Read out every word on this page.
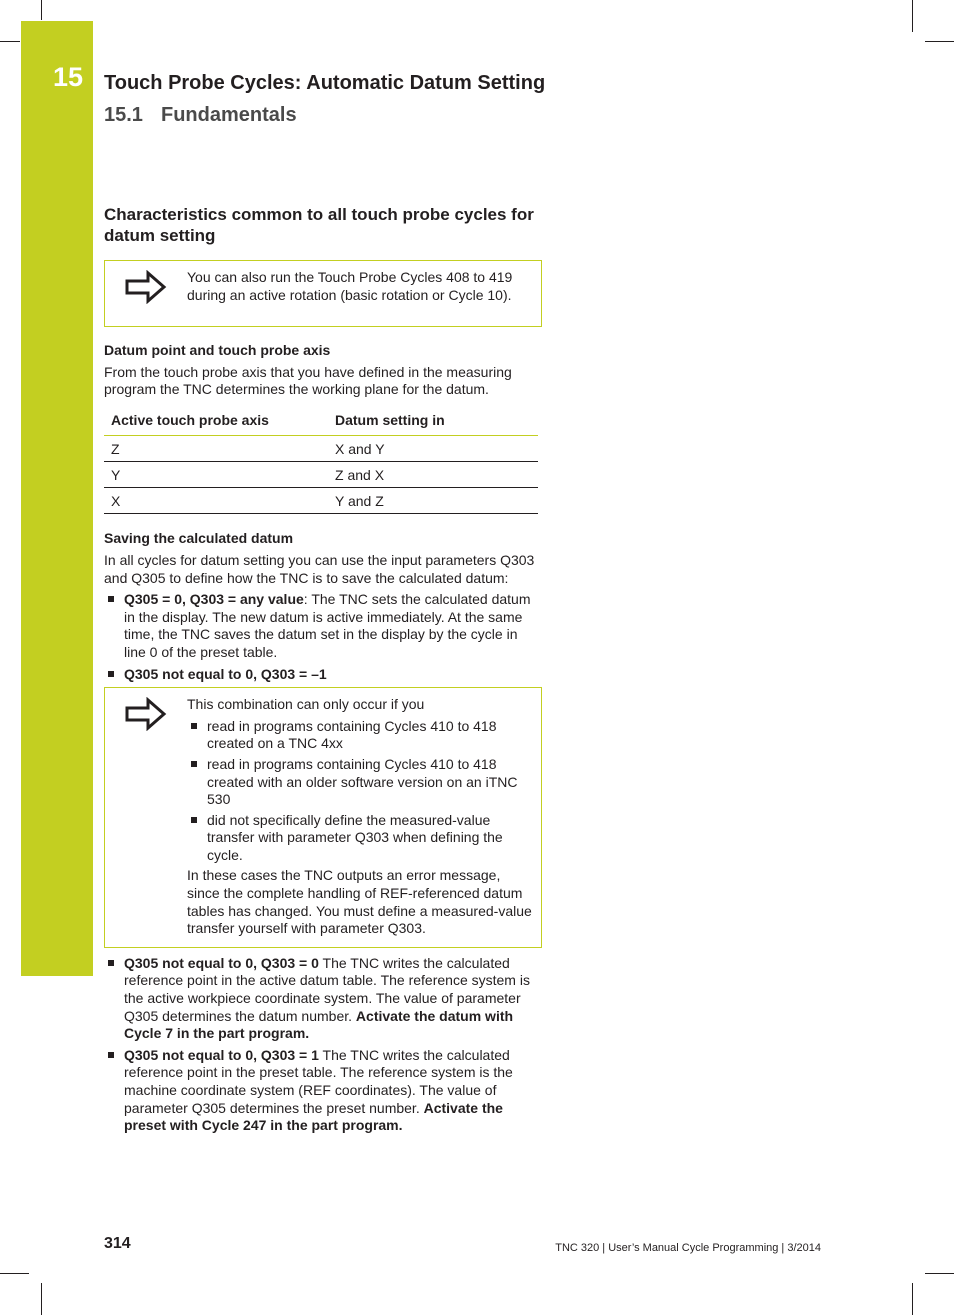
15 Touch Probe Cycles: Automatic Datum Setting
15.1 Fundamentals
Characteristics common to all touch probe cycles for datum setting
You can also run the Touch Probe Cycles 408 to 419 during an active rotation (basic rotation or Cycle 10).
Datum point and touch probe axis

From the touch probe axis that you have defined in the measuring program the TNC determines the working plane for the datum.

Active touch probe axis	Datum setting in
Z	X and Y
Y	Z and X
X	Y and Z
Saving the calculated datum

In all cycles for datum setting you can use the input parameters Q303 and Q305 to define how the TNC is to save the calculated datum:

Q305 = 0, Q303 = any value: The TNC sets the calculated datum in the display. The new datum is active immediately. At the same time, the TNC saves the datum set in the display by the cycle in line 0 of the preset table.
Q305 not equal to 0, Q303 = –1

This combination can only occur if you

read in programs containing Cycles 410 to 418 created on a TNC 4xx
read in programs containing Cycles 410 to 418 created with an older software version on an iTNC 530
did not specifically define the measured-value transfer with parameter Q303 when defining the cycle.

In these cases the TNC outputs an error message, since the complete handling of REF-referenced datum tables has changed. You must define a measured-value transfer yourself with parameter Q303.

Q305 not equal to 0, Q303 = 0 The TNC writes the calculated reference point in the active datum table. The reference system is the active workpiece coordinate system. The value of parameter Q305 determines the datum number. Activate the datum with Cycle 7 in the part program.
Q305 not equal to 0, Q303 = 1 The TNC writes the calculated reference point in the preset table. The reference system is the machine coordinate system (REF coordinates). The value of parameter Q305 determines the preset number. Activate the preset with Cycle 247 in the part program.
314	TNC 320 | User’s Manual Cycle Programming | 3/2014
